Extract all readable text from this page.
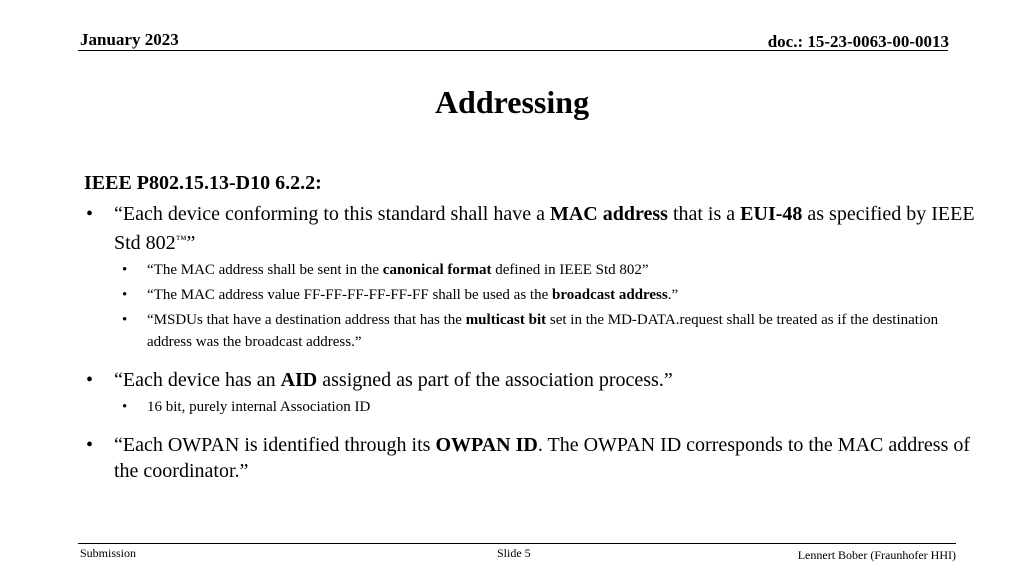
January 2023	doc.: 15-23-0063-00-0013
Addressing
IEEE P802.15.13-D10 6.2.2:
• “Each device conforming to this standard shall have a MAC address that is a EUI-48 as specified by IEEE Std 802™”
• “The MAC address shall be sent in the canonical format defined in IEEE Std 802”
• “The MAC address value FF-FF-FF-FF-FF-FF shall be used as the broadcast address.”
• “MSDUs that have a destination address that has the multicast bit set in the MD-DATA.request shall be treated as if the destination address was the broadcast address.”
• “Each device has an AID assigned as part of the association process.”
• 16 bit, purely internal Association ID
• “Each OWPAN is identified through its OWPAN ID. The OWPAN ID corresponds to the MAC address of the coordinator.”
Submission	Slide 5	Lennert Bober (Fraunhofer HHI)
